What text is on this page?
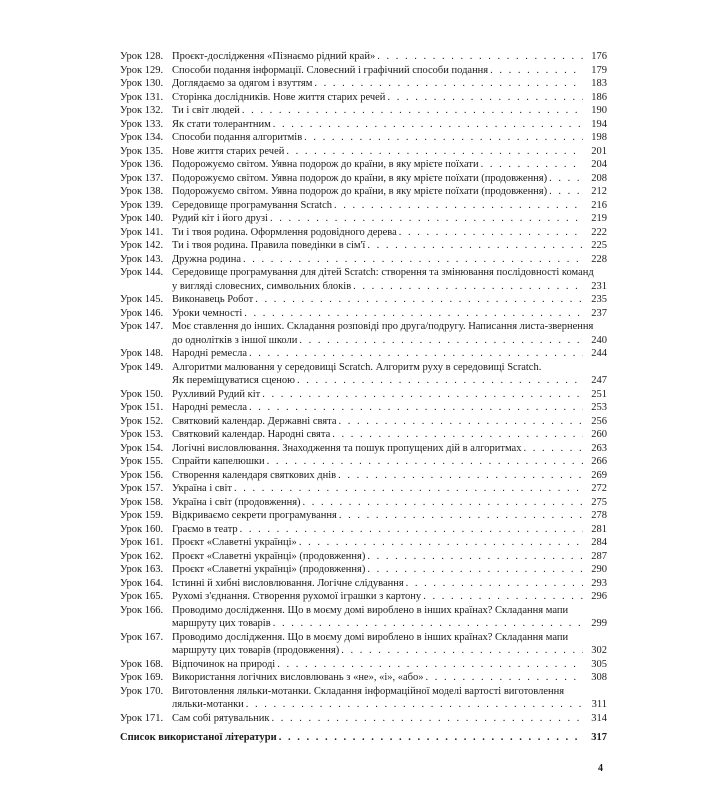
Урок 128. Проєкт-дослідження «Пізнаємо рідний край» . . .	176
Урок 129. Способи подання інформації. Словесний і графічний способи подання . . .	179
Урок 130. Доглядаємо за одягом і взуттям . . .	183
Урок 131. Сторінка дослідників. Нове життя старих речей . . .	186
Урок 132. Ти і світ людей . . .	190
Урок 133. Як стати толерантним . . .	194
Урок 134. Способи подання алгоритмів . . .	198
Урок 135. Нове життя старих речей . . .	201
Урок 136. Подорожуємо світом. Уявна подорож до країни, в яку мрієте поїхати . . .	204
Урок 137. Подорожуємо світом. Уявна подорож до країни, в яку мрієте поїхати (продовження) . . .	208
Урок 138. Подорожуємо світом. Уявна подорож до країни, в яку мрієте поїхати (продовження) . . .	212
Урок 139. Середовище програмування Scratch . . .	216
Урок 140. Рудий кіт і його друзі . . .	219
Урок 141. Ти і твоя родина. Оформлення родовідного дерева . . .	222
Урок 142. Ти і твоя родина. Правила поведінки в сім'ї . . .	225
Урок 143. Дружна родина . . .	228
Урок 144. Середовище програмування для дітей Scratch: створення та змінювання послідовності команд
у вигляді словесних, символьних блоків . . .	231
Урок 145. Виконавець Робот . . .	235
Урок 146. Уроки чемності . . .	237
Урок 147. Моє ставлення до інших. Складання розповіді про друга/подругу. Написання листа-звернення
до однолітків з іншої школи . . .	240
Урок 148. Народні ремесла . . .	244
Урок 149. Алгоритми малювання у середовищі Scratch. Алгоритм руху в середовищі Scratch.
Як переміщуватися сценою . . .	247
Урок 150. Рухливий Рудий кіт . . .	251
Урок 151. Народні ремесла . . .	253
Урок 152. Святковий календар. Державні свята . . .	256
Урок 153. Святковий календар. Народні свята . . .	260
Урок 154. Логічні висловлювання. Знаходження та пошук пропущених дій в алгоритмах . . .	263
Урок 155. Спрайти капелюшки . . .	266
Урок 156. Створення календаря святкових днів . . .	269
Урок 157. Україна і світ . . .	272
Урок 158. Україна і світ (продовження) . . .	275
Урок 159. Відкриваємо секрети програмування . . .	278
Урок 160. Граємо в театр . . .	281
Урок 161. Проєкт «Славетні українці» . . .	284
Урок 162. Проєкт «Славетні українці» (продовження) . . .	287
Урок 163. Проєкт «Славетні українці» (продовження) . . .	290
Урок 164. Істинні й хибні висловлювання. Логічне слідування . . .	293
Урок 165. Рухомі з'єднання. Створення рухомої іграшки з картону . . .	296
Урок 166. Проводимо дослідження. Що в моєму домі вироблено в інших країнах? Складання мапи
маршруту цих товарів . . .	299
Урок 167. Проводимо дослідження. Що в моєму домі вироблено в інших країнах? Складання мапи
маршруту цих товарів (продовження) . . .	302
Урок 168. Відпочинок на природі . . .	305
Урок 169. Використання логічних висловлювань з «не», «і», «або» . . .	308
Урок 170. Виготовлення ляльки-мотанки. Складання інформаційної моделі вартості виготовлення
ляльки-мотанки . . .	311
Урок 171. Сам собі рятувальник . . .	314
Список використаної літератури . . .	317
4
